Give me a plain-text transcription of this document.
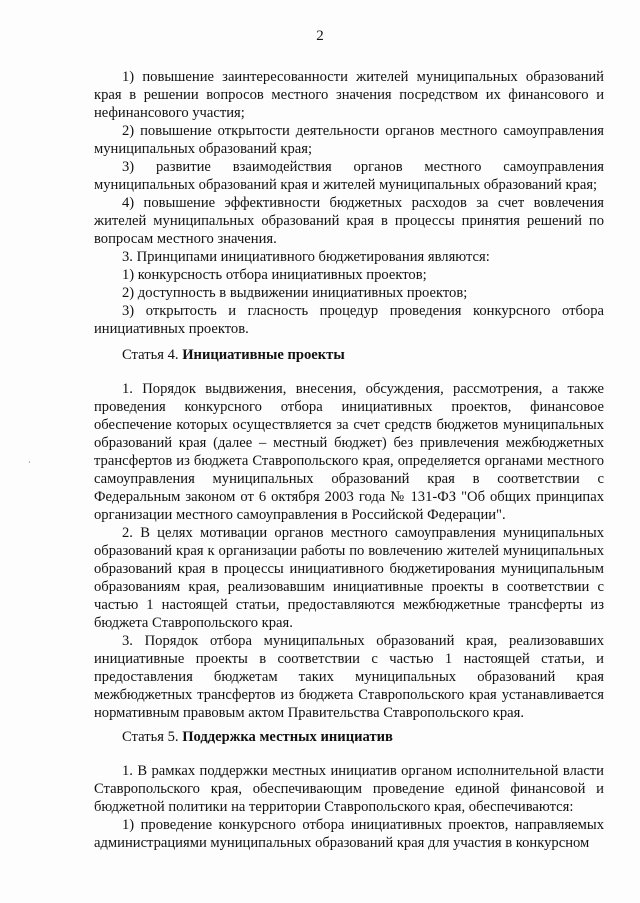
2

1) повышение заинтересованности жителей муниципальных образований края в решении вопросов местного значения посредством их финансового и нефинансового участия;

2) повышение открытости деятельности органов местного самоуправления муниципальных образований края;

3) развитие взаимодействия органов местного самоуправления муниципальных образований края и жителей муниципальных образований края;

4) повышение эффективности бюджетных расходов за счет вовлечения жителей муниципальных образований края в процессы принятия решений по вопросам местного значения.

3. Принципами инициативного бюджетирования являются:

1) конкурсность отбора инициативных проектов;

2) доступность в выдвижении инициативных проектов;

3) открытость и гласность процедур проведения конкурсного отбора инициативных проектов.

Статья 4. Инициативные проекты

1. Порядок выдвижения, внесения, обсуждения, рассмотрения, а также проведения конкурсного отбора инициативных проектов, финансовое обеспечение которых осуществляется за счет средств бюджетов муниципальных образований края (далее – местный бюджет) без привлечения межбюджетных трансфертов из бюджета Ставропольского края, определяется органами местного самоуправления муниципальных образований края в соответствии с Федеральным законом от 6 октября 2003 года № 131-ФЗ "Об общих принципах организации местного самоуправления в Российской Федерации".

2. В целях мотивации органов местного самоуправления муниципальных образований края к организации работы по вовлечению жителей муниципальных образований края в процессы инициативного бюджетирования муниципальным образованиям края, реализовавшим инициативные проекты в соответствии с частью 1 настоящей статьи, предоставляются межбюджетные трансферты из бюджета Ставропольского края.

3. Порядок отбора муниципальных образований края, реализовавших инициативные проекты в соответствии с частью 1 настоящей статьи, и предоставления бюджетам таких муниципальных образований края межбюджетных трансфертов из бюджета Ставропольского края устанавливается нормативным правовым актом Правительства Ставропольского края.

Статья 5. Поддержка местных инициатив

1. В рамках поддержки местных инициатив органом исполнительной власти Ставропольского края, обеспечивающим проведение единой финансовой и бюджетной политики на территории Ставропольского края, обеспечиваются:

1) проведение конкурсного отбора инициативных проектов, направляемых администрациями муниципальных образований края для участия в конкурсном

·
